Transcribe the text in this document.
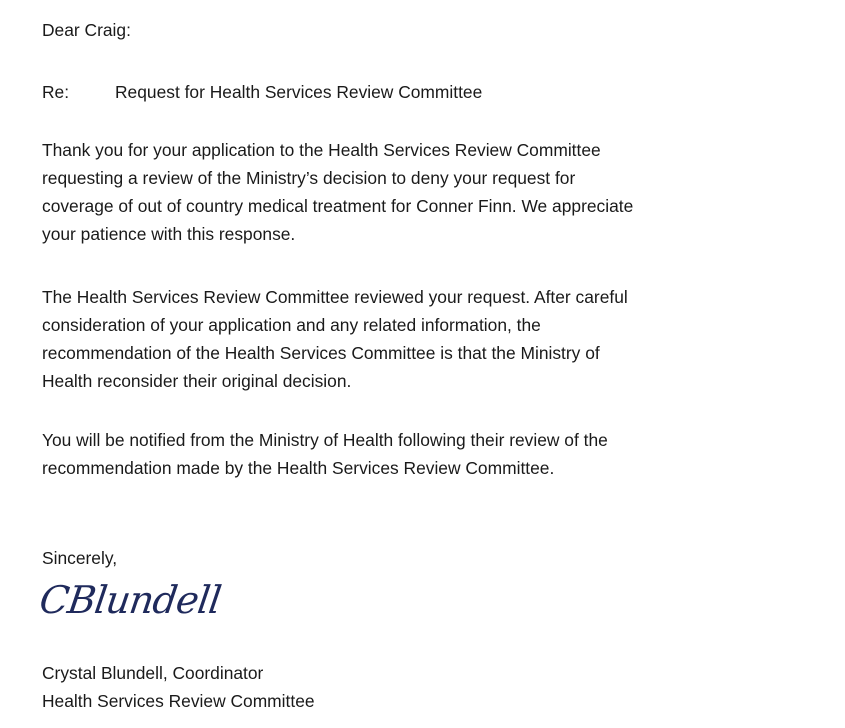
Dear Craig:
Re:	Request for Health Services Review Committee
Thank you for your application to the Health Services Review Committee
requesting a review of the Ministry’s decision to deny your request for
coverage of out of country medical treatment for Conner Finn. We appreciate
your patience with this response.
The Health Services Review Committee reviewed your request. After careful
consideration of your application and any related information, the
recommendation of the Health Services Committee is that the Ministry of
Health reconsider their original decision.
You will be notified from the Ministry of Health following their review of the
recommendation made by the Health Services Review Committee.
Sincerely,
CBlundell
Crystal Blundell, Coordinator
Health Services Review Committee
